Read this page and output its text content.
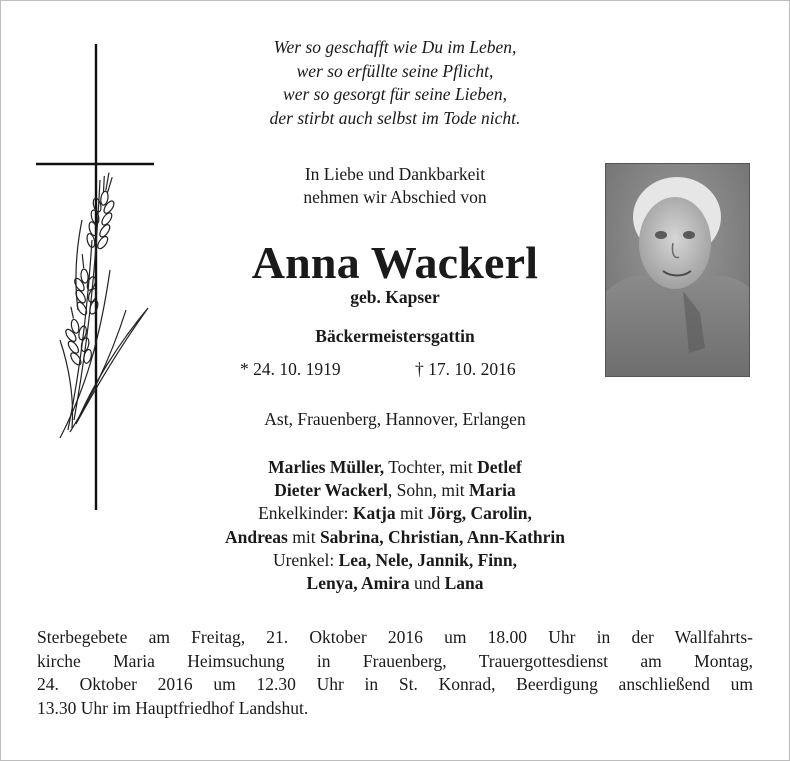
Wer so geschafft wie Du im Leben,
wer so erfüllte seine Pflicht,
wer so gesorgt für seine Lieben,
der stirbt auch selbst im Tode nicht.
In Liebe und Dankbarkeit
nehmen wir Abschied von
Anna Wackerl
geb. Kapser
Bäckermeistersgattin
* 24. 10. 1919	† 17. 10. 2016
Ast, Frauenberg, Hannover, Erlangen
Marlies Müller, Tochter, mit Detlef
Dieter Wackerl, Sohn, mit Maria
Enkelkinder: Katja mit Jörg, Carolin,
Andreas mit Sabrina, Christian, Ann-Kathrin
Urenkel: Lea, Nele, Jannik, Finn,
Lenya, Amira und Lana
Sterbegebete am Freitag, 21. Oktober 2016 um 18.00 Uhr in der Wallfahrts-
kirche Maria Heimsuchung in Frauenberg, Trauergottesdienst am Montag,
24. Oktober 2016 um 12.30 Uhr in St. Konrad, Beerdigung anschließend um
13.30 Uhr im Hauptfriedhof Landshut.
